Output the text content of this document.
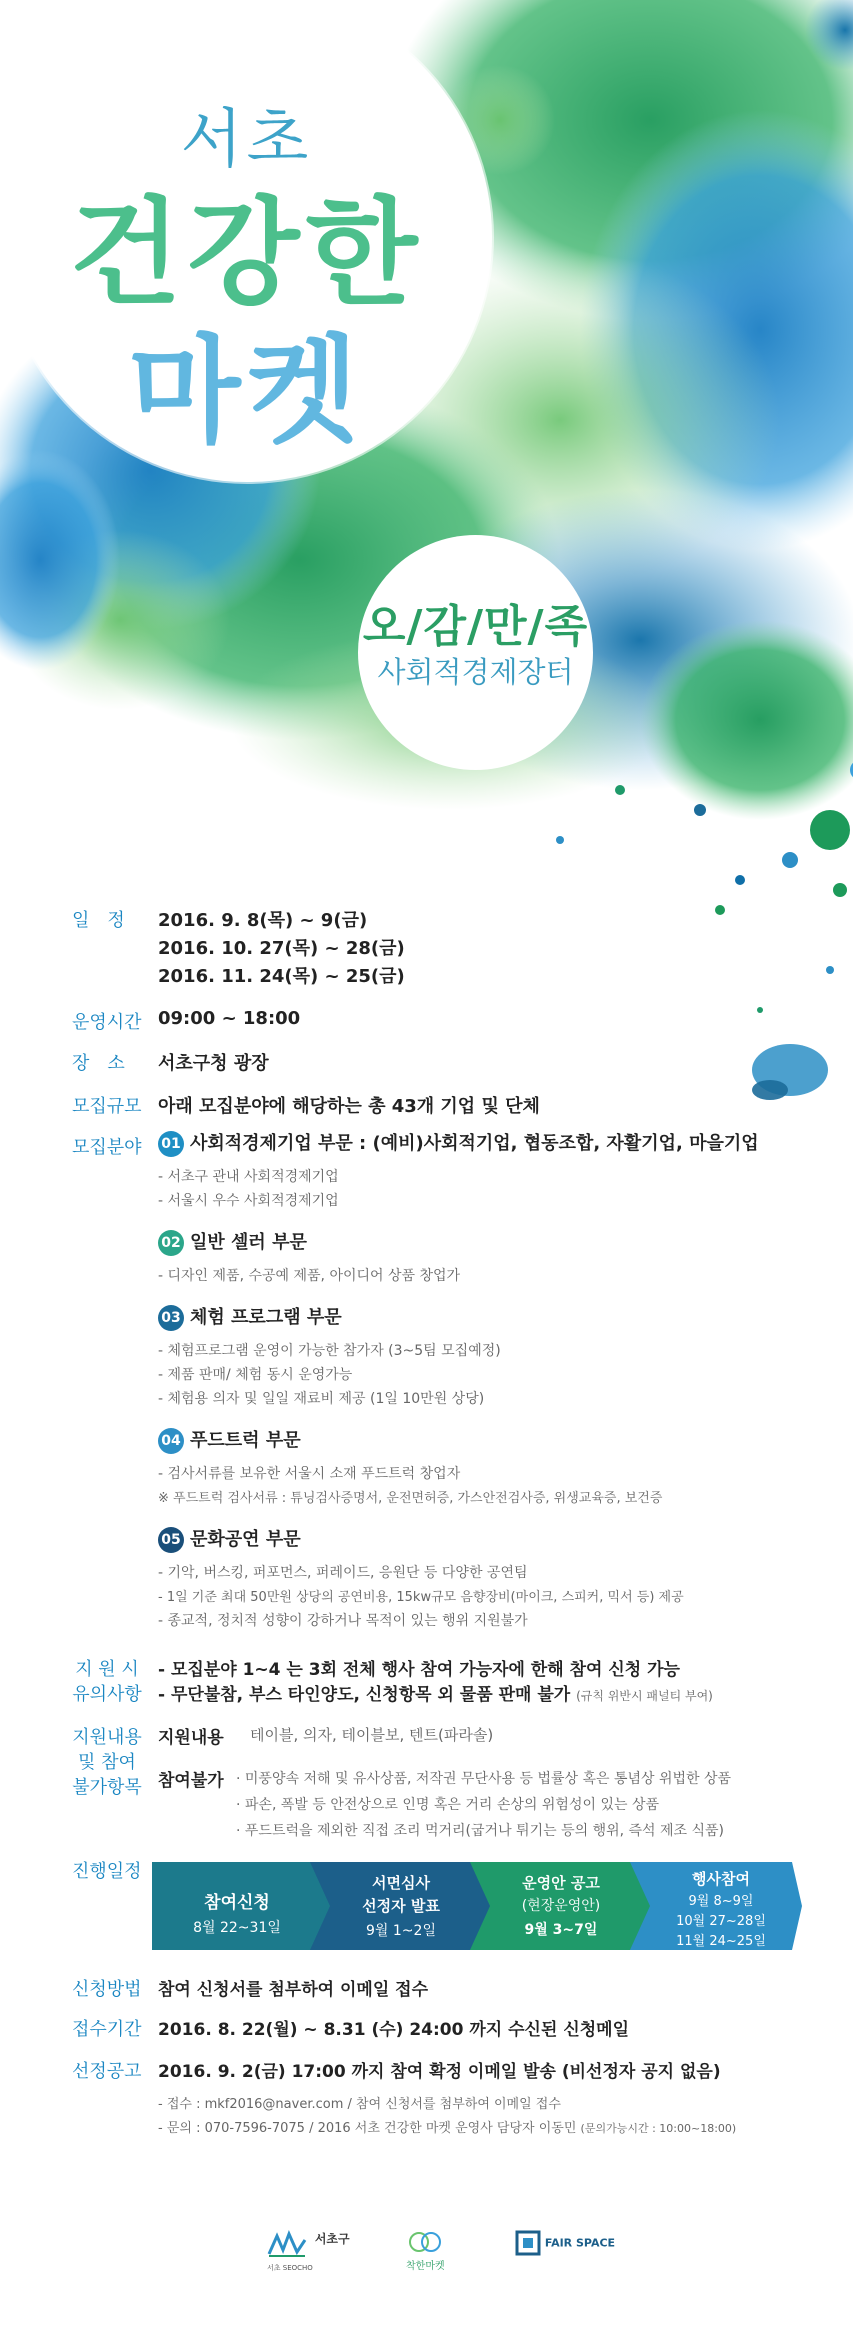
서초
건강한
마켓
오/감/만/족
사회적경제장터
일　정	2016. 9. 8(목) ~ 9(금)
2016. 10. 27(목) ~ 28(금)
2016. 11. 24(목) ~ 25(금)
운영시간 09:00 ~ 18:00
장　소	서초구청 광장
모집규모 아래 모집분야에 해당하는 총 43개 기업 및 단체
모집분야	01 사회적경제기업 부문 : (예비)사회적기업, 협동조합, 자활기업, 마을기업
- 서초구 관내 사회적경제기업
- 서울시 우수 사회적경제기업
02 일반 셀러 부문
- 디자인 제품, 수공예 제품, 아이디어 상품 창업가
03 체험 프로그램 부문
- 체험프로그램 운영이 가능한 참가자 (3~5팀 모집예정)
- 제품 판매/ 체험 동시 운영가능
- 체험용 의자 및 일일 재료비 제공 (1일 10만원 상당)
04 푸드트럭 부문
- 검사서류를 보유한 서울시 소재 푸드트럭 창업자
※ 푸드트럭 검사서류 : 튜닝검사증명서, 운전면허증, 가스안전검사증, 위생교육증, 보건증
05 문화공연 부문
- 기악, 버스킹, 퍼포먼스, 퍼레이드, 응원단 등 다양한 공연팀
- 1일 기준 최대 50만원 상당의 공연비용, 15kw규모 음향장비(마이크, 스피커, 믹서 등) 제공
- 종교적, 정치적 성향이 강하거나 목적이 있는 행위 지원불가
지 원 시
유의사항
- 모집분야 1~4 는 3회 전체 행사 참여 가능자에 한해 참여 신청 가능
- 무단불참, 부스 타인양도, 신청항목 외 물품 판매 불가 (규칙 위반시 패널티 부여)
지원내용
및 참여
불가항목
지원내용 테이블, 의자, 테이블보, 텐트(파라솔)
참여불가 · 미풍양속 저해 및 유사상품, 저작권 무단사용 등 법률상 혹은 통념상 위법한 상품
· 파손, 폭발 등 안전상으로 인명 혹은 거리 손상의 위험성이 있는 상품
· 푸드트럭을 제외한 직접 조리 먹거리(굽거나 튀기는 등의 행위, 즉석 제조 식품)
진행일정
참여신청
8월 22~31일
서면심사
선정자 발표
9월 1~2일
운영안 공고
(현장운영안)
9월 3~7일
행사참여
9월 8~9일
10월 27~28일
11월 24~25일
신청방법 참여 신청서를 첨부하여 이메일 접수
접수기간 2016. 8. 22(월) ~ 8.31 (수) 24:00 까지 수신된 신청메일
선정공고 2016. 9. 2(금) 17:00 까지 참여 확정 이메일 발송 (비선정자 공지 없음)
- 접수 : mkf2016@naver.com / 참여 신청서를 첨부하여 이메일 접수
- 문의 : 070-7596-7075 / 2016 서초 건강한 마켓 운영사 담당자 이동민 (문의가능시간 : 10:00~18:00)
서초구
서초 SEOCHO	착한마켓
FAIR SPACE
